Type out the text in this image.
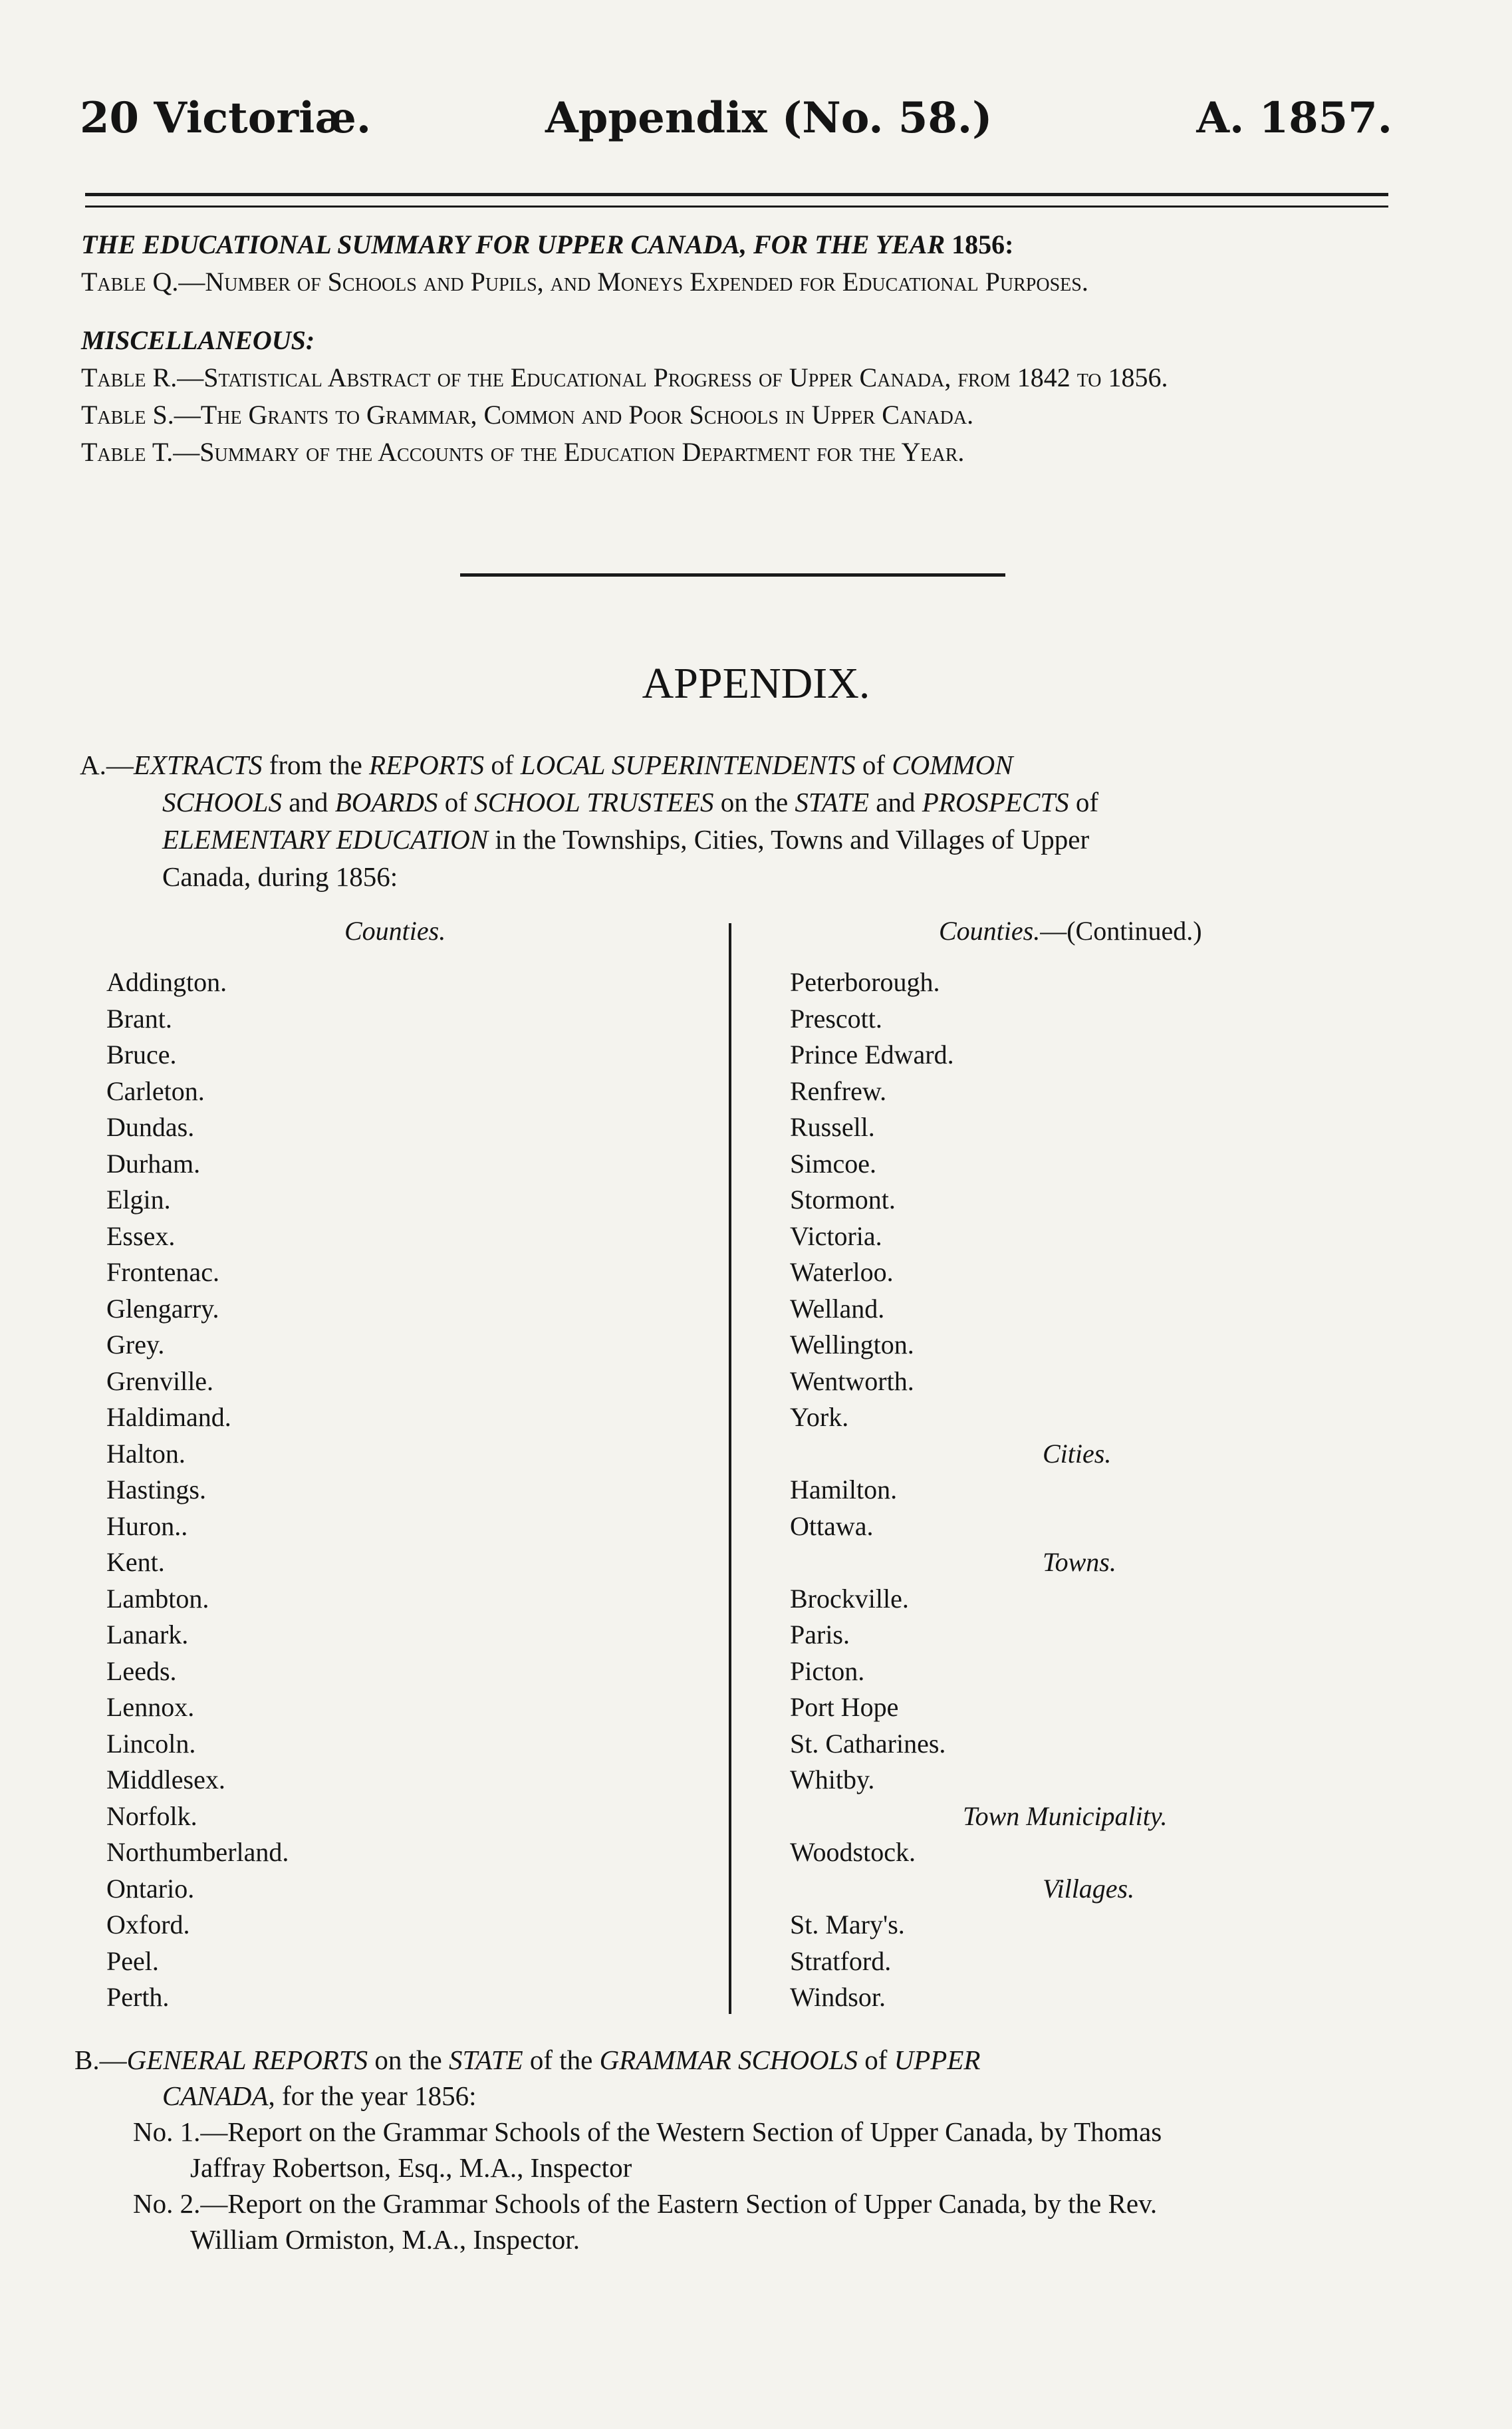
20 Victoriæ.	Appendix (No. 58.)	A. 1857.
THE EDUCATIONAL SUMMARY FOR UPPER CANADA, FOR THE YEAR 1856:
Table Q.—Number of Schools and Pupils, and Moneys Expended for Educational Purposes.
MISCELLANEOUS:
Table R.—Statistical Abstract of the Educational Progress of Upper Canada, from 1842 to 1856.
Table S.—The Grants to Grammar, Common and Poor Schools in Upper Canada.
Table T.—Summary of the Accounts of the Education Department for the Year.
APPENDIX.
A.—EXTRACTS from the REPORTS of LOCAL SUPERINTENDENTS of COMMON
SCHOOLS and BOARDS of SCHOOL TRUSTEES on the STATE and PROSPECTS of
ELEMENTARY EDUCATION in the Townships, Cities, Towns and Villages of Upper
Canada, during 1856:
Counties.	Counties.—(Continued.)
Addington.
Brant.
Bruce.
Carleton.
Dundas.
Durham.
Elgin.
Essex.
Frontenac.
Glengarry.
Grey.
Grenville.
Haldimand.
Halton.
Hastings.
Huron..
Kent.
Lambton.
Lanark.
Leeds.
Lennox.
Lincoln.
Middlesex.
Norfolk.
Northumberland.
Ontario.
Oxford.
Peel.
Perth.
Peterborough.
Prescott.
Prince Edward.
Renfrew.
Russell.
Simcoe.
Stormont.
Victoria.
Waterloo.
Welland.
Wellington.
Wentworth.
York.
Cities.
Hamilton.
Ottawa.
Towns.
Brockville.
Paris.
Picton.
Port Hope
St. Catharines.
Whitby.
Town Municipality.
Woodstock.
Villages.
St. Mary's.
Stratford.
Windsor.
B.—GENERAL REPORTS on the STATE of the GRAMMAR SCHOOLS of UPPER
CANADA, for the year 1856:
No. 1.—Report on the Grammar Schools of the Western Section of Upper Canada, by Thomas
Jaffray Robertson, Esq., M.A., Inspector
No. 2.—Report on the Grammar Schools of the Eastern Section of Upper Canada, by the Rev.
William Ormiston, M.A., Inspector.
